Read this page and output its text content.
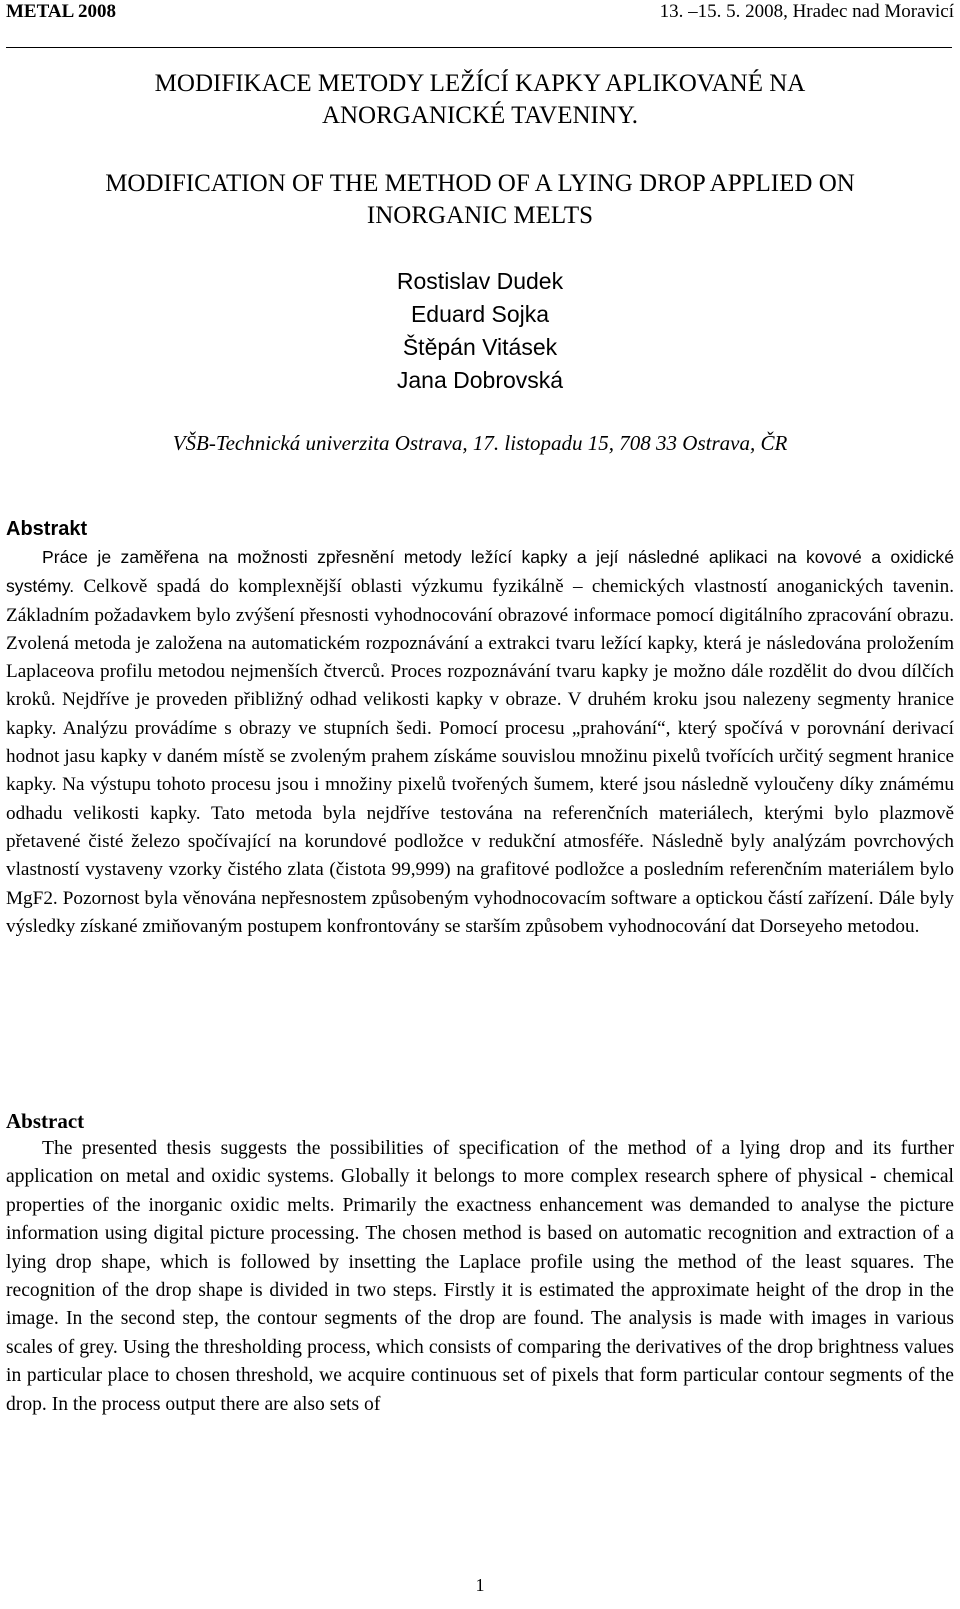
METAL 2008	13. –15. 5. 2008, Hradec nad Moravicí
MODIFIKACE METODY LEŽÍCÍ KAPKY APLIKOVANÉ NA
ANORGANICKÉ TAVENINY.
MODIFICATION OF THE METHOD OF A LYING DROP APPLIED ON
INORGANIC MELTS
Rostislav Dudek
Eduard Sojka
Štěpán Vitásek
Jana Dobrovská
VŠB-Technická univerzita Ostrava, 17. listopadu 15, 708 33 Ostrava, ČR
Abstrakt

Práce je zaměřena na možnosti zpřesnění metody ležící kapky a její následné aplikaci na kovové a oxidické systémy. Celkově spadá do komplexnější oblasti výzkumu fyzikálně – chemických vlastností anoganických tavenin. Základním požadavkem bylo zvýšení přesnosti vyhodnocování obrazové informace pomocí digitálního zpracování obrazu. Zvolená metoda je založena na automatickém rozpoznávání a extrakci tvaru ležící kapky, která je následována proložením Laplaceova profilu metodou nejmenších čtverců. Proces rozpoznávání tvaru kapky je možno dále rozdělit do dvou dílčích kroků. Nejdříve je proveden přibližný odhad velikosti kapky v obraze. V druhém kroku jsou nalezeny segmenty hranice kapky. Analýzu provádíme s obrazy ve stupních šedi. Pomocí procesu „prahování“, který spočívá v porovnání derivací hodnot jasu kapky v daném místě se zvoleným prahem získáme souvislou množinu pixelů tvořících určitý segment hranice kapky. Na výstupu tohoto procesu jsou i množiny pixelů tvořených šumem, které jsou následně vyloučeny díky známému odhadu velikosti kapky. Tato metoda byla nejdříve testována na referenčních materiálech, kterými bylo plazmově přetavené čisté železo spočívající na korundové podložce v redukční atmosféře. Následně byly analýzám povrchových vlastností vystaveny vzorky čistého zlata (čistota 99,999) na grafitové podložce a posledním referenčním materiálem bylo MgF2. Pozornost byla věnována nepřesnostem způsobeným vyhodnocovacím software a optickou částí zařízení. Dále byly výsledky získané zmiňovaným postupem konfrontovány se starším způsobem vyhodnocování dat Dorseyeho metodou.

Abstract

The presented thesis suggests the possibilities of specification of the method of a lying drop and its further application on metal and oxidic systems. Globally it belongs to more complex research sphere of physical - chemical properties of the inorganic oxidic melts. Primarily the exactness enhancement was demanded to analyse the picture information using digital picture processing. The chosen method is based on automatic recognition and extraction of a lying drop shape, which is followed by insetting the Laplace profile using the method of the least squares. The recognition of the drop shape is divided in two steps. Firstly it is estimated the approximate height of the drop in the image. In the second step, the contour segments of the drop are found. The analysis is made with images in various scales of grey. Using the thresholding process, which consists of comparing the derivatives of the drop brightness values in particular place to chosen threshold, we acquire continuous set of pixels that form particular contour segments of the drop. In the process output there are also sets of

1
